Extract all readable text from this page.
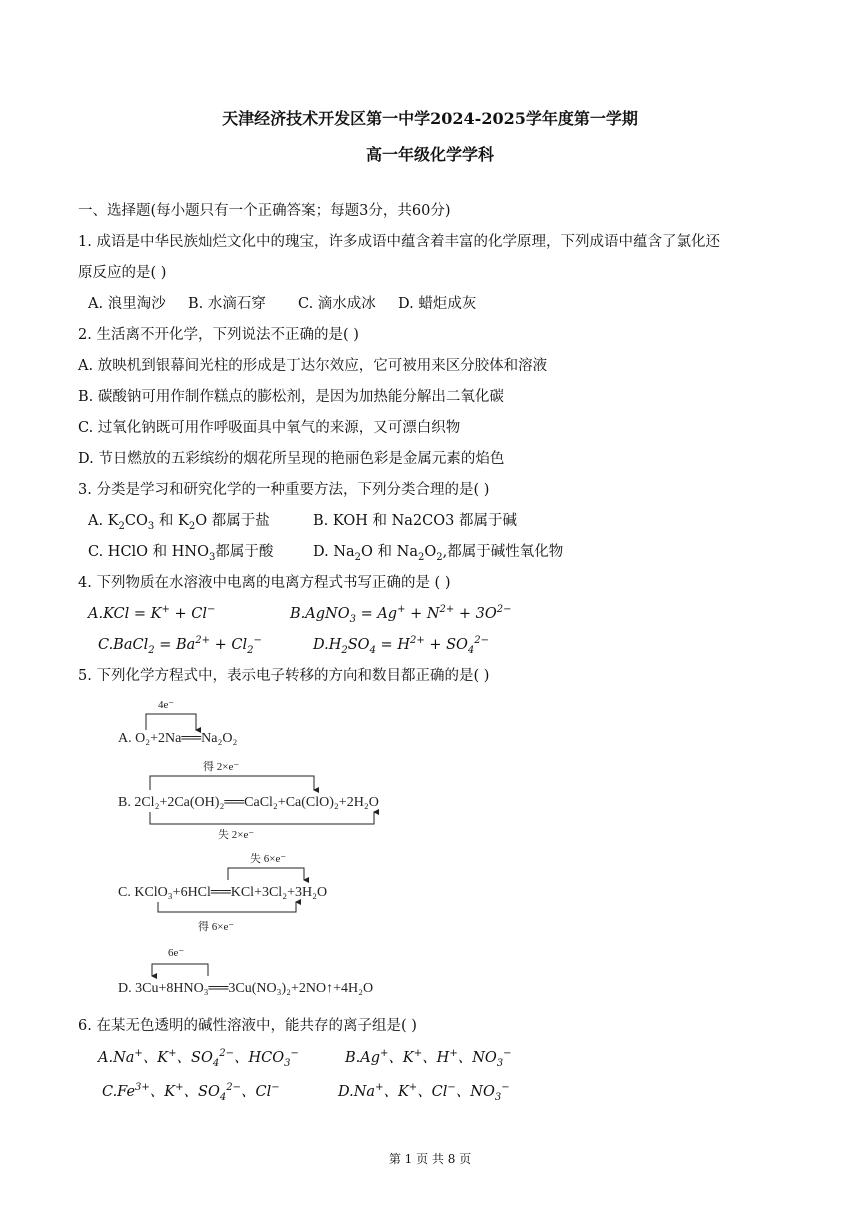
天津经济技术开发区第一中学2024-2025学年度第一学期
高一年级化学学科
一、选择题(每小题只有一个正确答案；每题3分，共60分)
1. 成语是中华民族灿烂文化中的瑰宝，许多成语中蕴含着丰富的化学原理，下列成语中蕴含了氯化还
原反应的是( )
A. 浪里淘沙 B. 水滴石穿 C. 滴水成冰 D. 蜡炬成灰
2. 生活离不开化学，下列说法不正确的是( )
A. 放映机到银幕间光柱的形成是丁达尔效应，它可被用来区分胶体和溶液
B. 碳酸钠可用作制作糕点的膨松剂，是因为加热能分解出二氧化碳
C. 过氧化钠既可用作呼吸面具中氧气的来源，又可漂白织物
D. 节日燃放的五彩缤纷的烟花所呈现的艳丽色彩是金属元素的焰色
3. 分类是学习和研究化学的一种重要方法，下列分类合理的是( )
A. $K_2CO_3$ 和 $K_2O$ 都属于盐	B. KOH 和 Na2CO3 都属于碱
C. HClO 和 $HNO_3$都属于酸	D. $Na_2O$ 和 $Na_2O_2$,都属于碱性氧化物
4. 下列物质在水溶液中电离的电离方程式书写正确的是 ( )
A.KCl = K+ + Cl−	B.AgNO$_3$ = $Ag^+ + N^{2+} + 3O^{2-}$
C.BaCl$_2$ = $Ba^{2+} + Cl_2^-$	$D.H_2SO_4 = H^{2+} + SO_4^{2-}$
5. 下列化学方程式中，表示电子转移的方向和数目都正确的是( )
4e⁻
A. O₂+2Na══Na₂O₂
得 2×e⁻
B. 2Cl₂+2Ca(OH)₂══CaCl₂+Ca(ClO)₂+2H₂O
失 2×e⁻
失 6×e⁻
C. KClO₃+6HCl══KCl+3Cl₂+3H₂O
得 6×e⁻
6e⁻
D. 3Cu+8HNO₃══3Cu(NO₃)₂+2NO↑+4H₂O
6. 在某无色透明的碱性溶液中，能共存的离子组是( )
A.Na+、K+、$SO_4^{2-}$、$HCO_3^-$	B.Ag+、K+、H+、$NO_3^-$
$C.Fe^{3+}$、K+、$SO_4^{2-}$、Cl−	D.Na+、K+、Cl−、$NO_3^-$
第 1 页 共 8 页
